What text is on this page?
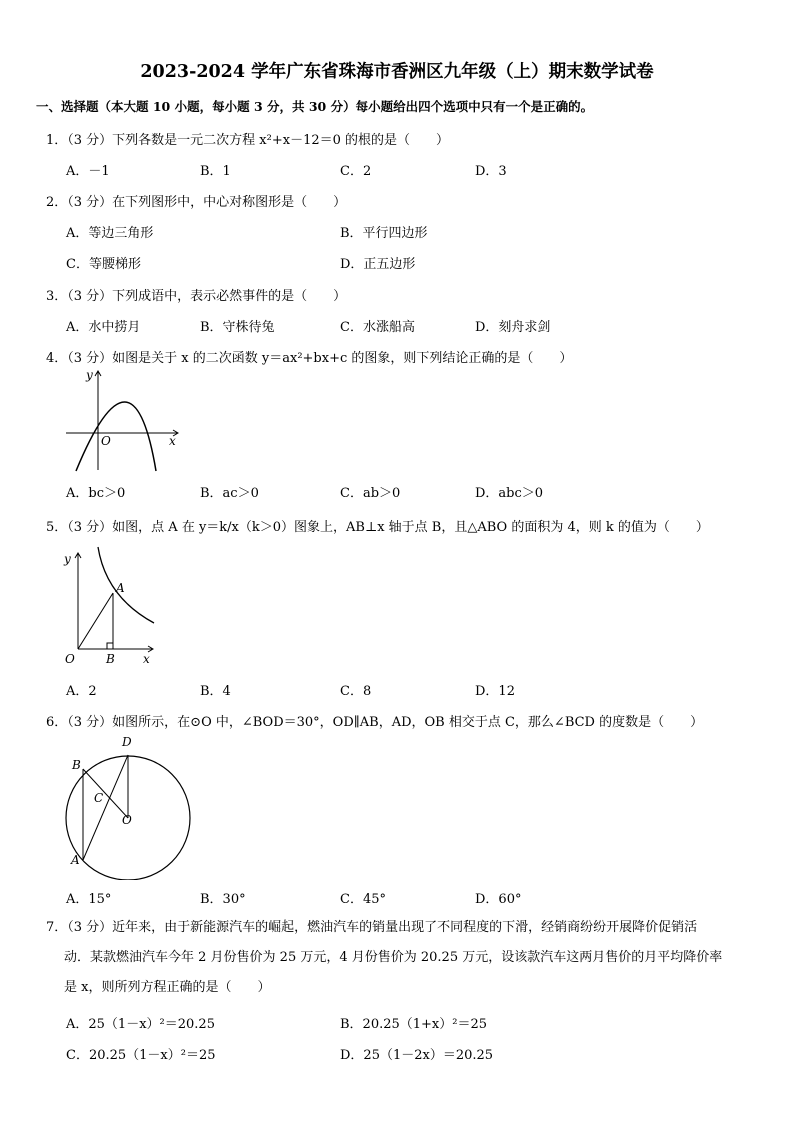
2023-2024 学年广东省珠海市香洲区九年级（上）期末数学试卷
一、选择题（本大题 10 小题，每小题 3 分，共 30 分）每小题给出四个选项中只有一个是正确的。
1．（3 分）下列各数是一元二次方程 x²+x－12＝0 的根的是（　　）
A．－1	B．1	C．2	D．3
2．（3 分）在下列图形中，中心对称图形是（　　）
A．等边三角形	B．平行四边形
C．等腰梯形	D．正五边形
3．（3 分）下列成语中，表示必然事件的是（　　）
A．水中捞月	B．守株待兔	C．水涨船高	D．刻舟求剑
4．（3 分）如图是关于 x 的二次函数 y＝ax²+bx+c 的图象，则下列结论正确的是（　　）
y
x
O
A．bc＞0	B．ac＞0	C．ab＞0	D．abc＞0
5．（3 分）如图，点 A 在 y＝k/x（k＞0）图象上，AB⊥x 轴于点 B，且△ABO 的面积为 4，则 k 的值为（　　）
y
x
O
A
B
A．2	B．4	C．8	D．12
6．（3 分）如图所示，在⊙O 中，∠BOD＝30°，OD∥AB，AD，OB 相交于点 C，那么∠BCD 的度数是（　　）
D
B
C
O
A
A．15°	B．30°	C．45°	D．60°
7．（3 分）近年来，由于新能源汽车的崛起，燃油汽车的销量出现了不同程度的下滑，经销商纷纷开展降价促销活
动．某款燃油汽车今年 2 月份售价为 25 万元，4 月份售价为 20.25 万元，设该款汽车这两月售价的月平均降价率
是 x，则所列方程正确的是（　　）
A．25（1－x）²＝20.25	B．20.25（1+x）²＝25
C．20.25（1－x）²＝25	D．25（1－2x）＝20.25
